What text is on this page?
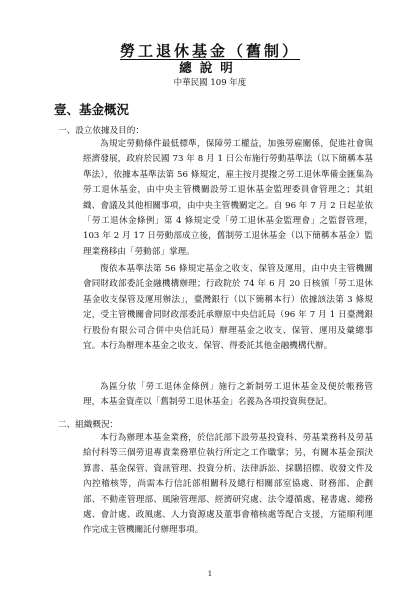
勞工退休基金（舊制）
總說明
中華民國 109 年度
壹、基金概況
一、設立依據及目的：

為規定勞動條件最低標準，保障勞工權益，加強勞雇關係，促進社會與經濟發展，政府於民國 73 年 8 月 1 日公布施行勞動基準法（以下簡稱本基準法），依據本基準法第 56 條規定，雇主按月提撥之勞工退休準備金匯集為勞工退休基金，由中央主管機關設勞工退休基金監理委員會管理之；其組織、會議及其他相關事項，由中央主管機關定之。自 96 年 7 月 2 日起並依「勞工退休金條例」第 4 條規定受「勞工退休基金監理會」之監督管理，103 年 2 月 17 日勞動部成立後，舊制勞工退休基金（以下簡稱本基金）監理業務移由「勞動部」掌理。

復依本基準法第 56 條規定基金之收支、保管及運用，由中央主管機關會同財政部委託金融機構辦理；行政院於 74 年 6 月 20 日核頒「勞工退休基金收支保管及運用辦法」，臺灣銀行（以下簡稱本行）依據該法第 3 條規定，受主管機關會同財政部委託承辦原中央信託局（96 年 7 月 1 日臺灣銀行股份有限公司合併中央信託局）辦理基金之收支、保管、運用及彙總事宜。本行為辦理本基金之收支、保管、得委託其他金融機構代辦。

為區分依「勞工退休金條例」施行之新制勞工退休基金及便於帳務管理，本基金資產以「舊制勞工退休基金」名義為各項投資與登記。

二、組織概況：

本行為辦理本基金業務，於信託部下設勞基投資科、勞基業務科及勞基給付科等三個勞退專責業務單位執行所定之工作職掌；另，有關本基金預決算書、基金保管、資訊管理、投資分析、法律訴訟、採購招標、收發文件及內控稽核等，尚需本行信託部相關科及總行相關部室協處、財務部、企劃部、不動產管理部、風險管理部、經濟研究處、法令遵循處、秘書處、總務處、會計處、政風處、人力資源處及董事會稽核處等配合支援，方能順利運作完成主管機關託付辦理事項。

1
